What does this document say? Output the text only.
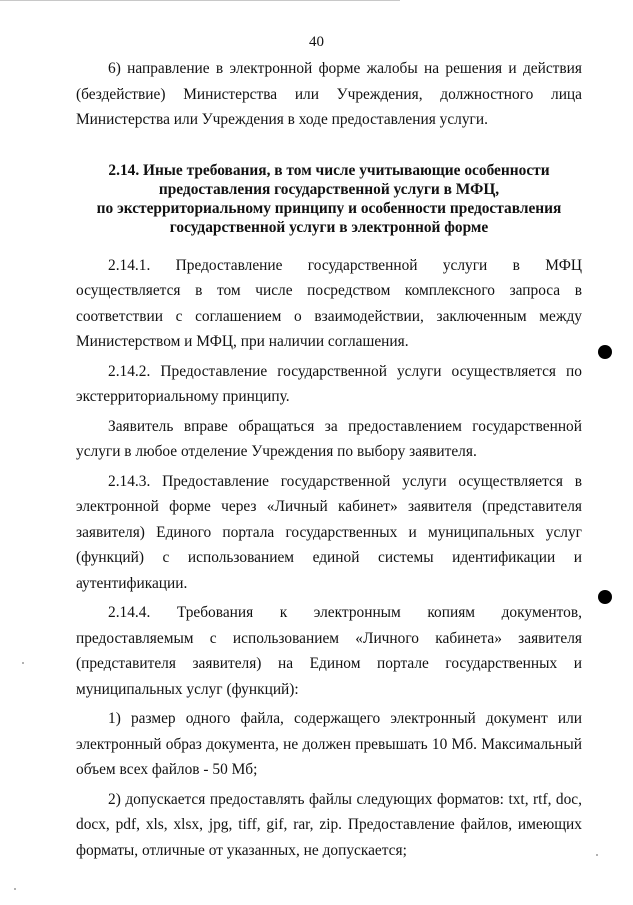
40

6) направление в электронной форме жалобы на решения и действия (бездействие) Министерства или Учреждения, должностного лица Министерства или Учреждения в ходе предоставления услуги.

2.14. Иные требования, в том числе учитывающие особенности
предоставления государственной услуги в МФЦ,
по экстерриториальному принципу и особенности предоставления
государственной услуги в электронной форме

2.14.1. Предоставление государственной услуги в МФЦ осуществляется в том числе посредством комплексного запроса в соответствии с соглашением о взаимодействии, заключенным между Министерством и МФЦ, при наличии соглашения.

2.14.2. Предоставление государственной услуги осуществляется по экстерриториальному принципу.

Заявитель вправе обращаться за предоставлением государственной услуги в любое отделение Учреждения по выбору заявителя.

2.14.3. Предоставление государственной услуги осуществляется в электронной форме через «Личный кабинет» заявителя (представителя заявителя) Единого портала государственных и муниципальных услуг (функций) с использованием единой системы идентификации и аутентификации.

2.14.4. Требования к электронным копиям документов, предоставляемым с использованием «Личного кабинета» заявителя (представителя заявителя) на Едином портале государственных и муниципальных услуг (функций):

1) размер одного файла, содержащего электронный документ или электронный образ документа, не должен превышать 10 Мб. Максимальный объем всех файлов - 50 Мб;

2) допускается предоставлять файлы следующих форматов: txt, rtf, doc, docx, pdf, xls, xlsx, jpg, tiff, gif, rar, zip. Предоставление файлов, имеющих форматы, отличные от указанных, не допускается;
